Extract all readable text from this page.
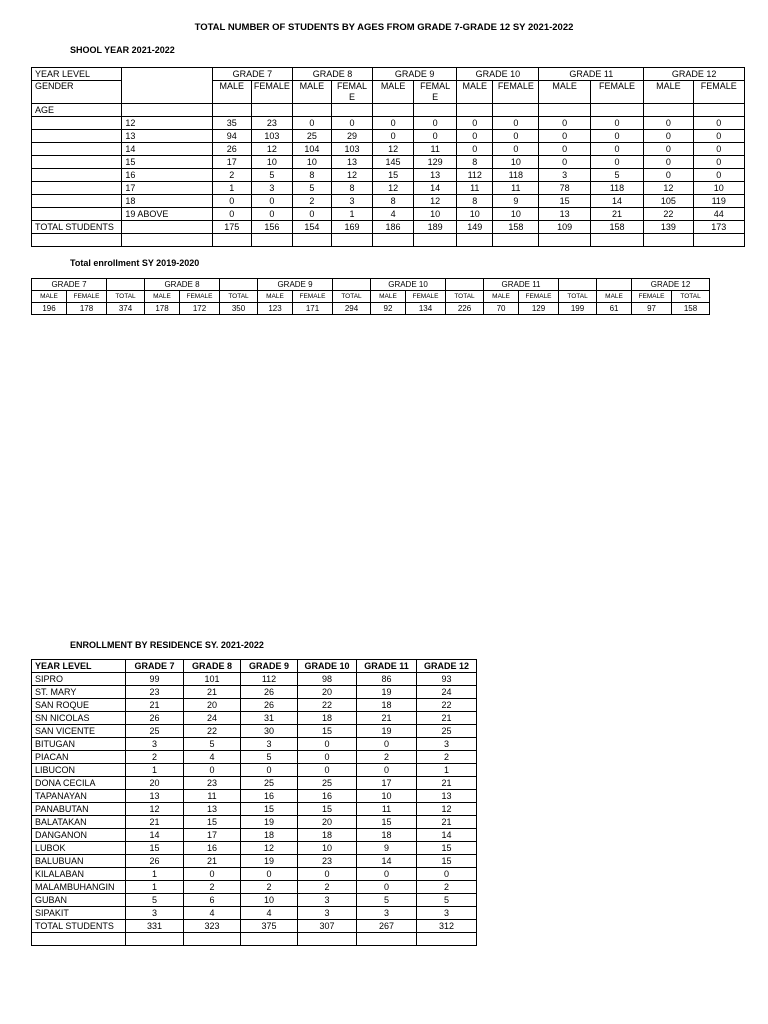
TOTAL NUMBER OF STUDENTS BY AGES FROM GRADE 7-GRADE 12 SY 2021-2022
SHOOL YEAR 2021-2022
YEAR LEVEL		GRADE 7		GRADE 8		GRADE 9		GRADE 10		GRADE 11		GRADE 12	
GENDER		MALE	FEMALE	MALE	FEMAL E	MALE	FEMAL E	MALE	FEMALE	MALE	FEMALE	MALE	FEMALE
AGE													
	12	35	23	0	0	0	0	0	0	0	0	0	0
	13	94	103	25	29	0	0	0	0	0	0	0	0
	14	26	12	104	103	12	11	0	0	0	0	0	0
	15	17	10	10	13	145	129	8	10	0	0	0	0
	16	2	5	8	12	15	13	112	118	3	5	0	0
	17	1	3	5	8	12	14	11	11	78	118	12	10
	18	0	0	2	3	8	12	8	9	15	14	105	119
	19 ABOVE	0	0	0	1	4	10	10	10	13	21	22	44
TOTAL STUDENTS		175	156	154	169	186	189	149	158	109	158	139	173

Total enrollment SY 2019-2020
GRADE 7			GRADE 8			GRADE 9			GRADE 10			GRADE 11				GRADE 12	
MALE	FEMALE	TOTAL	MALE	FEMALE	TOTAL	MALE	FEMALE	TOTAL	MALE	FEMALE	TOTAL	MALE	FEMALE	TOTAL	MALE	FEMALE	TOTAL
196	178	374	178	172	350	123	171	294	92	134	226	70	129	199	61	97	158
ENROLLMENT BY RESIDENCE SY. 2021-2022
YEAR LEVEL	GRADE 7	GRADE 8	GRADE 9	GRADE 10	GRADE 11	GRADE 12
SIPRO	99	101	112	98	86	93
ST. MARY	23	21	26	20	19	24
SAN ROQUE	21	20	26	22	18	22
SN NICOLAS	26	24	31	18	21	21
SAN VICENTE	25	22	30	15	19	25
BITUGAN	3	5	3	0	0	3
PIACAN	2	4	5	0	2	2
LIBUCON	1	0	0	0	0	1
DONA CECILA	20	23	25	25	17	21
TAPANAYAN	13	11	16	16	10	13
PANABUTAN	12	13	15	15	11	12
BALATAKAN	21	15	19	20	15	21
DANGANON	14	17	18	18	18	14
LUBOK	15	16	12	10	9	15
BALUBUAN	26	21	19	23	14	15
KILALABAN	1	0	0	0	0	0
MALAMBUHANGIN	1	2	2	2	0	2
GUBAN	5	6	10	3	5	5
SIPAKIT	3	4	4	3	3	3
TOTAL STUDENTS	331	323	375	307	267	312
